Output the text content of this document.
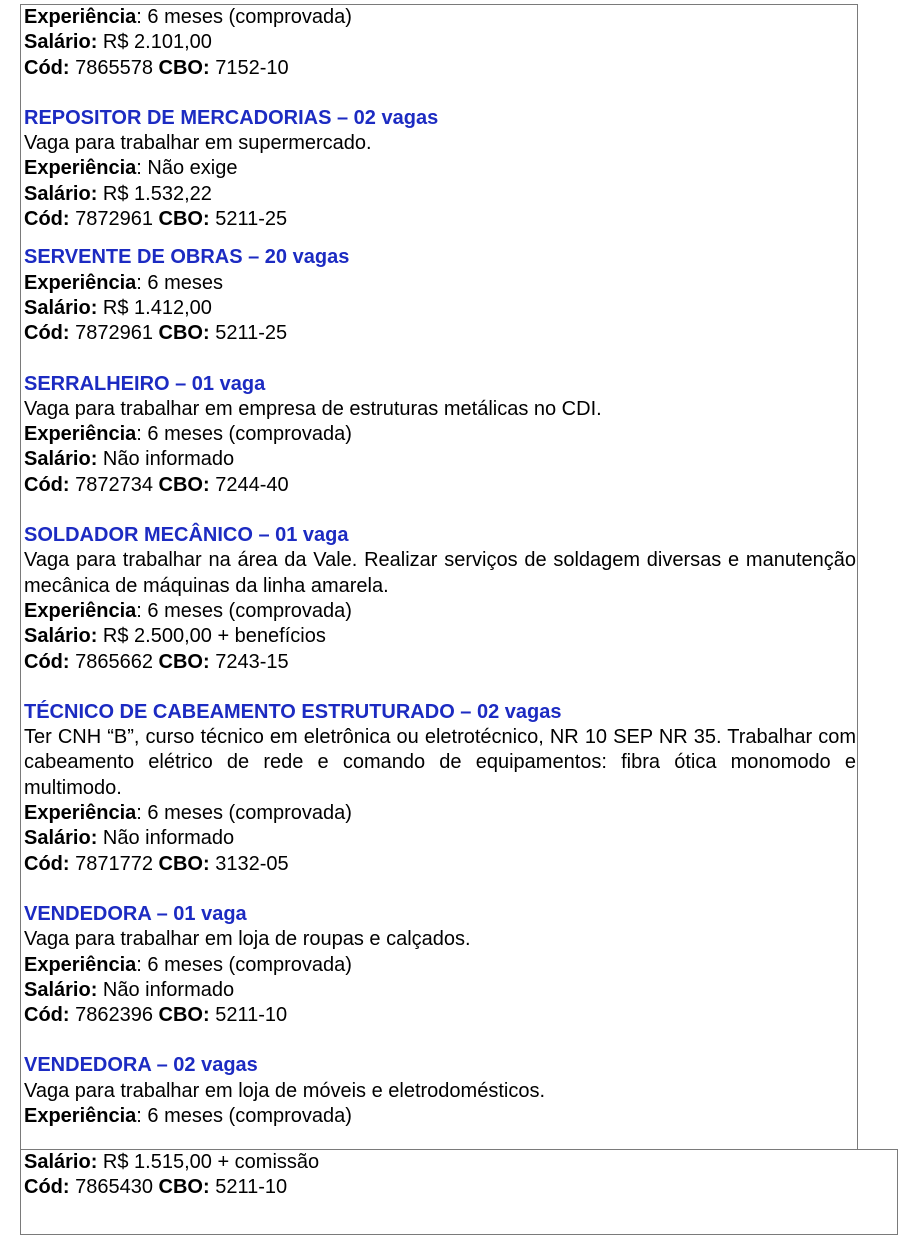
Experiência: 6 meses (comprovada)

Salário: R$ 2.101,00

Cód: 7865578 CBO: 7152-10

REPOSITOR DE MERCADORIAS – 02 vagas

Vaga para trabalhar em supermercado.

Experiência: Não exige

Salário: R$ 1.532,22

Cód: 7872961 CBO: 5211-25

SERVENTE DE OBRAS – 20 vagas

Experiência: 6 meses

Salário: R$ 1.412,00

Cód: 7872961 CBO: 5211-25

SERRALHEIRO – 01 vaga

Vaga para trabalhar em empresa de estruturas metálicas no CDI.

Experiência: 6 meses (comprovada)

Salário: Não informado

Cód: 7872734 CBO: 7244-40

SOLDADOR MECÂNICO – 01 vaga

Vaga para trabalhar na área da Vale. Realizar serviços de soldagem diversas e manutenção mecânica de máquinas da linha amarela.

Experiência: 6 meses (comprovada)

Salário: R$ 2.500,00 + benefícios

Cód: 7865662 CBO: 7243-15

TÉCNICO DE CABEAMENTO ESTRUTURADO – 02 vagas

Ter CNH “B”, curso técnico em eletrônica ou eletrotécnico, NR 10 SEP NR 35. Trabalhar com cabeamento elétrico de rede e comando de equipamentos: fibra ótica monomodo e multimodo.

Experiência: 6 meses (comprovada)

Salário: Não informado

Cód: 7871772 CBO: 3132-05

VENDEDORA – 01 vaga

Vaga para trabalhar em loja de roupas e calçados.

Experiência: 6 meses (comprovada)

Salário: Não informado

Cód: 7862396 CBO: 5211-10

VENDEDORA – 02 vagas

Vaga para trabalhar em loja de móveis e eletrodomésticos.

Experiência: 6 meses (comprovada)

Salário: R$ 1.515,00 + comissão

Cód: 7865430 CBO: 5211-10
